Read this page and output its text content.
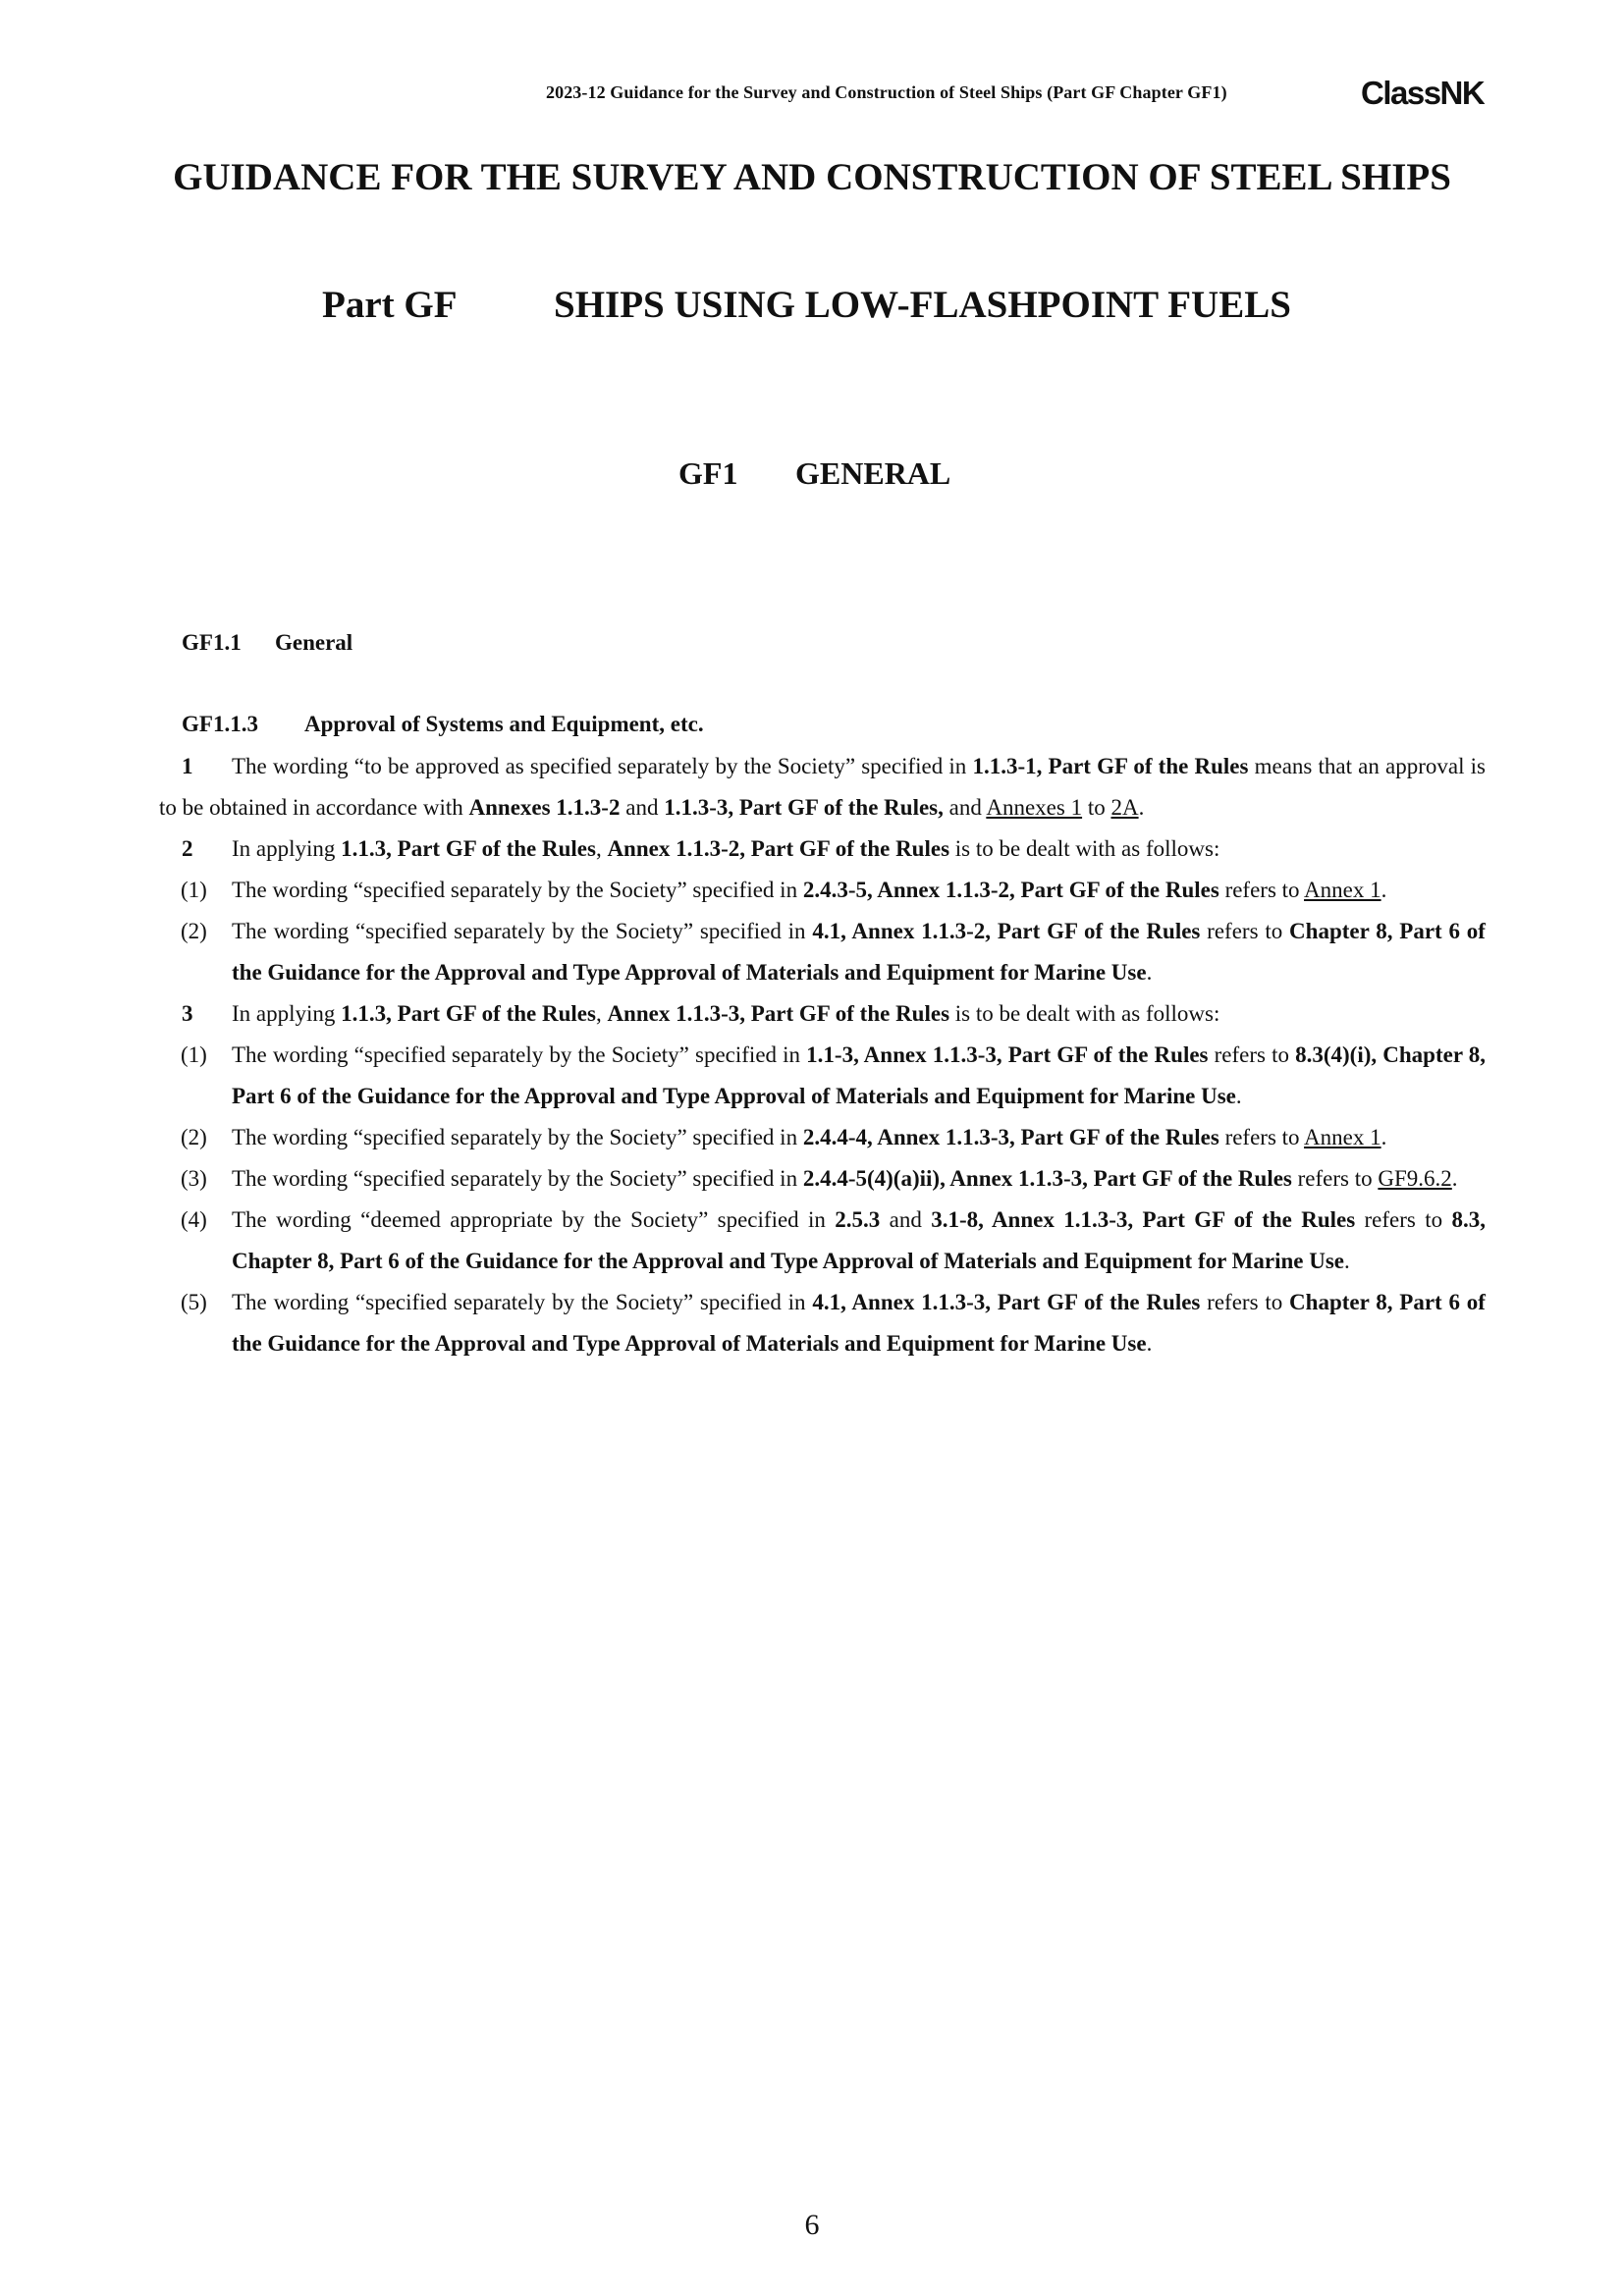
2023-12 Guidance for the Survey and Construction of Steel Ships (Part GF Chapter GF1)	ClassNK
GUIDANCE FOR THE SURVEY AND CONSTRUCTION OF STEEL SHIPS
Part GF	SHIPS USING LOW-FLASHPOINT FUELS
GF1 GENERAL
GF1.1 General
GF1.1.3 Approval of Systems and Equipment, etc.
1 The wording “to be approved as specified separately by the Society” specified in 1.1.3-1, Part GF of the Rules means that an approval is to be obtained in accordance with Annexes 1.1.3-2 and 1.1.3-3, Part GF of the Rules, and Annexes 1 to 2A.
2 In applying 1.1.3, Part GF of the Rules, Annex 1.1.3-2, Part GF of the Rules is to be dealt with as follows:
(1) The wording “specified separately by the Society” specified in 2.4.3-5, Annex 1.1.3-2, Part GF of the Rules refers to Annex 1.
(2) The wording “specified separately by the Society” specified in 4.1, Annex 1.1.3-2, Part GF of the Rules refers to Chapter 8, Part 6 of the Guidance for the Approval and Type Approval of Materials and Equipment for Marine Use.
3 In applying 1.1.3, Part GF of the Rules, Annex 1.1.3-3, Part GF of the Rules is to be dealt with as follows:
(1) The wording “specified separately by the Society” specified in 1.1-3, Annex 1.1.3-3, Part GF of the Rules refers to 8.3(4)(i), Chapter 8, Part 6 of the Guidance for the Approval and Type Approval of Materials and Equipment for Marine Use.
(2) The wording “specified separately by the Society” specified in 2.4.4-4, Annex 1.1.3-3, Part GF of the Rules refers to Annex 1.
(3) The wording “specified separately by the Society” specified in 2.4.4-5(4)(a)ii), Annex 1.1.3-3, Part GF of the Rules refers to GF9.6.2.
(4) The wording “deemed appropriate by the Society” specified in 2.5.3 and 3.1-8, Annex 1.1.3-3, Part GF of the Rules refers to 8.3, Chapter 8, Part 6 of the Guidance for the Approval and Type Approval of Materials and Equipment for Marine Use.
(5) The wording “specified separately by the Society” specified in 4.1, Annex 1.1.3-3, Part GF of the Rules refers to Chapter 8, Part 6 of the Guidance for the Approval and Type Approval of Materials and Equipment for Marine Use.
6
